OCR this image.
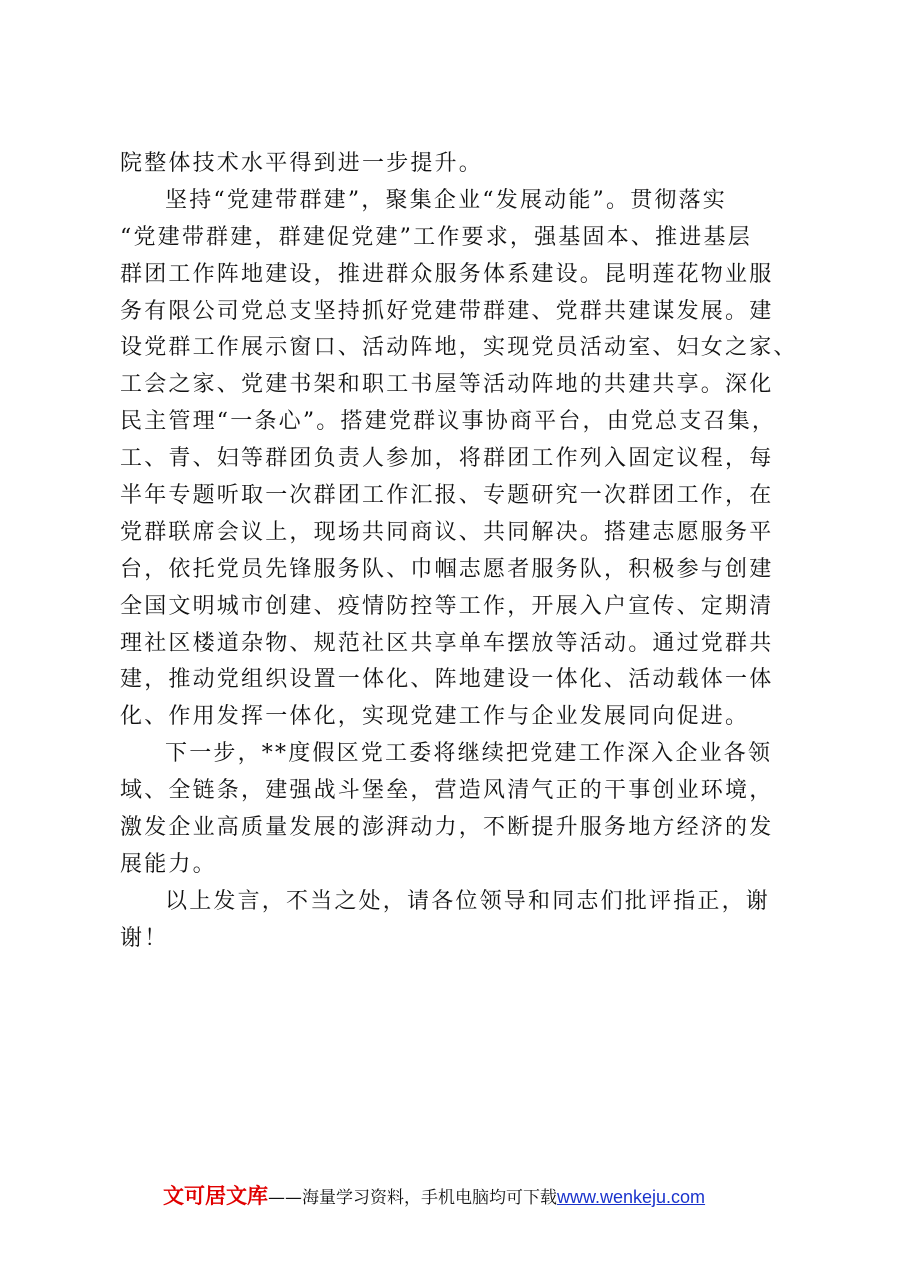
院整体技术水平得到进一步提升。
坚持“党建带群建”，聚集企业“发展动能”。贯彻落实
“党建带群建，群建促党建”工作要求，强基固本、推进基层
群团工作阵地建设，推进群众服务体系建设。昆明莲花物业服
务有限公司党总支坚持抓好党建带群建、党群共建谋发展。建
设党群工作展示窗口、活动阵地，实现党员活动室、妇女之家、
工会之家、党建书架和职工书屋等活动阵地的共建共享。深化
民主管理“一条心”。搭建党群议事协商平台，由党总支召集，
工、青、妇等群团负责人参加，将群团工作列入固定议程，每
半年专题听取一次群团工作汇报、专题研究一次群团工作，在
党群联席会议上，现场共同商议、共同解决。搭建志愿服务平
台，依托党员先锋服务队、巾帼志愿者服务队，积极参与创建
全国文明城市创建、疫情防控等工作，开展入户宣传、定期清
理社区楼道杂物、规范社区共享单车摆放等活动。通过党群共
建，推动党组织设置一体化、阵地建设一体化、活动载体一体
化、作用发挥一体化，实现党建工作与企业发展同向促进。
下一步，**度假区党工委将继续把党建工作深入企业各领
域、全链条，建强战斗堡垒，营造风清气正的干事创业环境，
激发企业高质量发展的澎湃动力，不断提升服务地方经济的发
展能力。
以上发言，不当之处，请各位领导和同志们批评指正，谢
谢！
文可居文库——海量学习资料，手机电脑均可下载www.wenkeju.com
